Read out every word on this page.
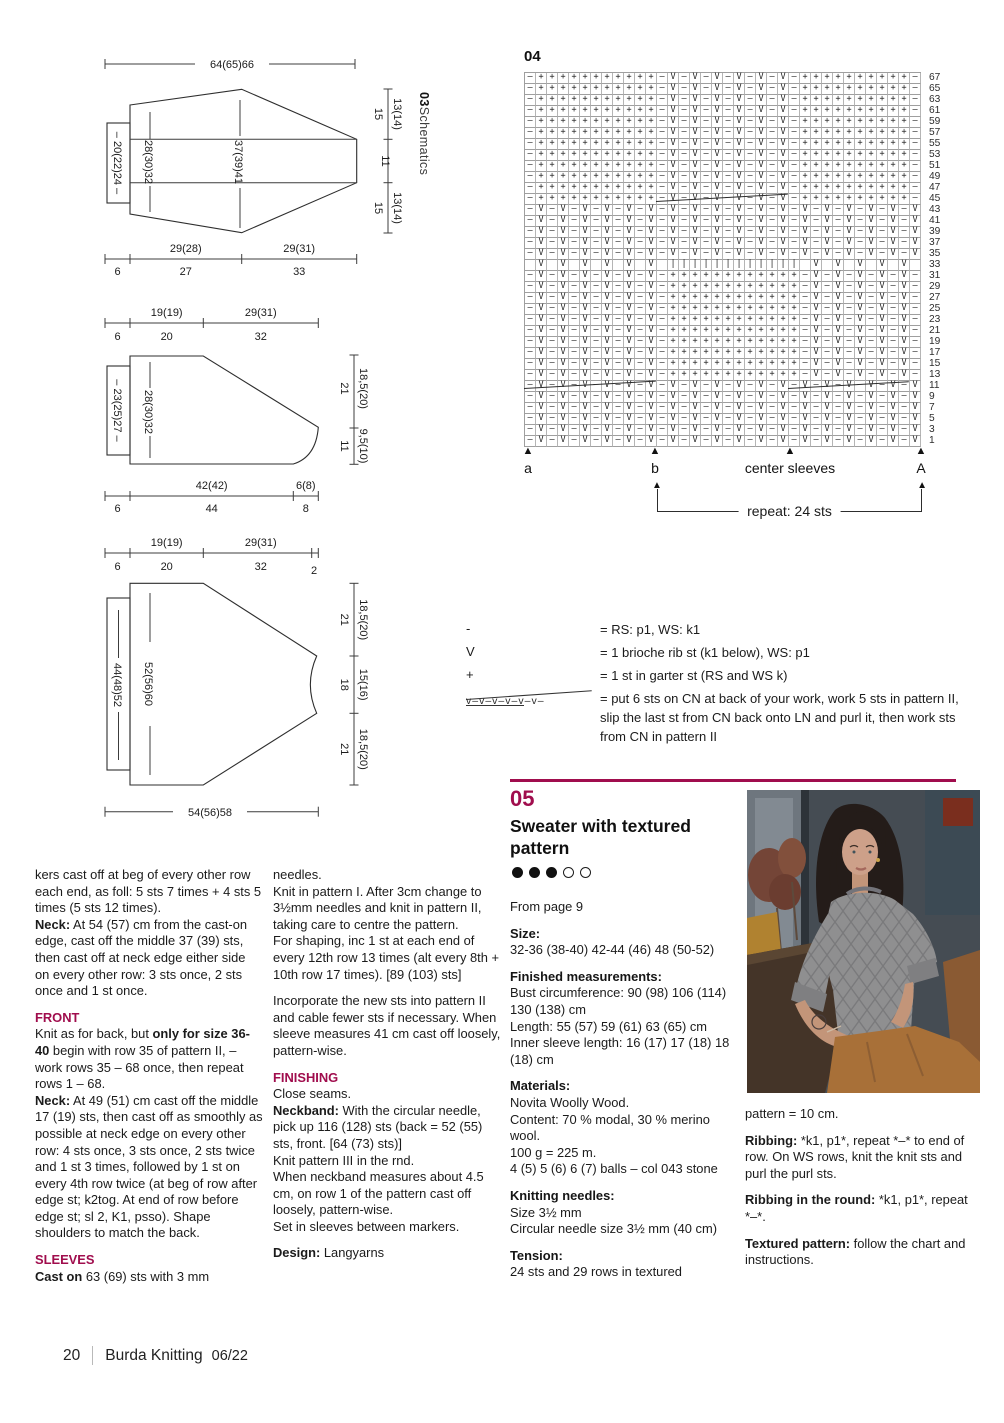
64(65)66
– 20(22)24 – 28(30)32	37(39)41
15 13(14)
11
15 13(14)
29(28)	29(31)
6	27	33
19(19)	29(31)
6	20	32
– 23(25)27 – 28(30)32
21 18,5(20)
11 9,5(10)
42(42)	6(8)
6	44	8
19(19)	29(31)
6	20	32	2
44(48)52 52(56)60
21 18,5(20)
18 15(16)
21 18,5(20)
54(56)58
03Schematics
04
– + + + + + + + + + + + – V – V – V – V – V – V – + + + + + + + + + + –
– + + + + + + + + + + + – V – V – V – V – V – V – + + + + + + + + + + –
– + + + + + + + + + + + – V – V – V – V – V – V – + + + + + + + + + + –
– + + + + + + + + + + + – V – V – V – V – V – V – + + + + + + + + + + –
– + + + + + + + + + + + – V – V – V – V – V – V – + + + + + + + + + + –
– + + + + + + + + + + + – V – V – V – V – V – V – + + + + + + + + + + –
– + + + + + + + + + + + – V – V – V – V – V – V – + + + + + + + + + + –
– + + + + + + + + + + + – V – V – V – V – V – V – + + + + + + + + + + –
– + + + + + + + + + + + – V – V – V – V – V – V – + + + + + + + + + + –
– + + + + + + + + + + + – V – V – V – V – V – V – + + + + + + + + + + –
– + + + + + + + + + + + – V – V – V – V – V – V – + + + + + + + + + + –
– + + + + + + + + + + + – V – V – V – V – V – V – + + + + + + + + + + –
– V – V – V – V – V – V – V – V – V – V – V – V – V – V – V – V – V – V
– V – V – V – V – V – V – V – V – V – V – V – V – V – V – V – V – V – V
– V – V – V – V – V – V – V – V – V – V – V – V – V – V – V – V – V – V
– V – V – V – V – V – V – V – V – V – V – V – V – V – V – V – V – V – V
– V – V – V – V – V – V – V – V – V – V – V – V – V – V – V – V – V – V
V	V	V	V	V	V	| | | | | | | | | | | |	V	V	V	V	V
– V – V – V – V – V – V – + + + + + + + + + + + + – V – V – V – V – V –
– V – V – V – V – V – V – + + + + + + + + + + + + – V – V – V – V – V –
– V – V – V – V – V – V – + + + + + + + + + + + + – V – V – V – V – V –
– V – V – V – V – V – V – + + + + + + + + + + + + – V – V – V – V – V –
– V – V – V – V – V – V – + + + + + + + + + + + + – V – V – V – V – V –
– V – V – V – V – V – V – + + + + + + + + + + + + – V – V – V – V – V –
– V – V – V – V – V – V – + + + + + + + + + + + + – V – V – V – V – V –
– V – V – V – V – V – V – + + + + + + + + + + + + – V – V – V – V – V –
– V – V – V – V – V – V – + + + + + + + + + + + + – V – V – V – V – V –
– V – V – V – V – V – V – + + + + + + + + + + + + – V – V – V – V – V –
– V – V – V – V – V – V – V – V – V – V – V – V – V – V – V – V – V – V
– V – V – V – V – V – V – V – V – V – V – V – V – V – V – V – V – V – V
– V – V – V – V – V – V – V – V – V – V – V – V – V – V – V – V – V – V
– V – V – V – V – V – V – V – V – V – V – V – V – V – V – V – V – V – V
– V – V – V – V – V – V – V – V – V – V – V – V – V – V – V – V – V – V
– V – V – V – V – V – V – V – V – V – V – V – V – V – V – V – V – V – V
67
65
63
61
59
57
55
53
51
49
47
45
43
41
39
37
35
33
31
29
27
25
23
21
19
17
15
13
11
9
7
5
3
1
▲
a
▲
b
▲
center sleeves
▲
A
▲	▲
repeat: 24 sts
-	= RS: p1, WS: k1
V	= 1 brioche rib st (k1 below), WS: p1
+	= 1 st in garter st (RS and WS k)
v–v–v–v–v–v–	= put 6 sts on CN at back of your work, work 5 sts in pattern II, slip the last st from CN back onto LN and purl it, then work sts from CN in pattern II
05
Sweater with textured pattern
kers cast off at beg of every other row each end, as foll: 5 sts 7 times + 4 sts 5 times (5 sts 12 times).
Neck: At 54 (57) cm from the cast-on edge, cast off the middle 37 (39) sts, then cast off at neck edge either side on every other row: 3 sts once, 2 sts once and 1 st once.
FRONT
Knit as for back, but only for size 36-40 begin with row 35 of pattern II, – work rows 35 – 68 once, then repeat rows 1 – 68.
Neck: At 49 (51) cm cast off the middle 17 (19) sts, then cast off as smoothly as possible at neck edge on every other row: 4 sts once, 3 sts once, 2 sts twice and 1 st 3 times, followed by 1 st on every 4th row twice (at beg of row after edge st; k2tog. At end of row before edge st; sl 2, K1, psso). Shape shoulders to match the back.
SLEEVES
Cast on 63 (69) sts with 3 mm
needles.
Knit in pattern I. After 3cm change to 3½mm needles and knit in pattern II, taking care to centre the pattern.
For shaping, inc 1 st at each end of every 12th row 13 times (alt every 8th + 10th row 17 times). [89 (103) sts]
Incorporate the new sts into pattern II and cable fewer sts if necessary. When sleeve measures 41 cm cast off loosely, pattern-wise.
FINISHING
Close seams.
Neckband: With the circular needle, pick up 116 (128) sts (back = 52 (55) sts, front. [64 (73) sts)]
Knit pattern III in the rnd.
When neckband measures about 4.5 cm, on row 1 of the pattern cast off loosely, pattern-wise.
Set in sleeves between markers.
Design: Langyarns
From page 9
Size:
32-36 (38-40) 42-44 (46) 48 (50-52)
Finished measurements:
Bust circumference: 90 (98) 106 (114) 130 (138) cm
Length: 55 (57) 59 (61) 63 (65) cm
Inner sleeve length: 16 (17) 17 (18) 18 (18) cm
Materials:
Novita Woolly Wood.
Content: 70 % modal, 30 % merino wool.
100 g = 225 m.
4 (5) 5 (6) 6 (7) balls – col 043 stone
Knitting needles:
Size 3½ mm
Circular needle size 3½ mm (40 cm)
Tension:
24 sts and 29 rows in textured
pattern = 10 cm.
Ribbing: *k1, p1*, repeat *–* to end of row. On WS rows, knit the knit sts and purl the purl sts.
Ribbing in the round: *k1, p1*, repeat *–*.
Textured pattern: follow the chart and instructions.
20 Burda Knitting 06/22
